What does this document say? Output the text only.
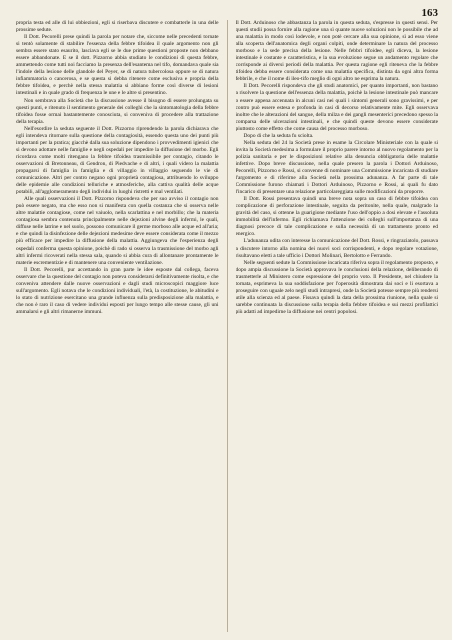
163

propria testa ed alle di lui obbiezioni, egli si riserbava discutere e combatterle in una delle prossime sedute.

Il Dott. Pecorelli prese quindi la parola per notare che, siccome nelle precedenti tornate si tentò solamente di stabilire l'essenza della febbre tifoidea il quale argomento non gli sembra essere stato esaurito, lasciava egli se le due prime questioni proposte non debbano essere abbandonate. E se il dott. Pizzorno abbia studiato le condizioni di questa febbre, ammettendo come tutti noi facciamo la presenza dell'esantema nel tifo, domandava quale sia l'indole della lesione delle glandole del Peyer, se di natura tubercolosa oppure se di natura infiammatoria o cancerosa, e se questa si debba ritenere come esclusiva e propria della febbre tifoidea, e perchè nella stessa malattia si abbiano forme così diverse di lesioni intestinali e in quale grado di frequenza le une e le altre si presentino.

Non sembrava alla Società che la discussione avesse il bisogno di essere prolungata su questi punti, e ritenuto il sentimento generale dei colleghi che la sintomatologia della febbre tifoidea fosse ormai bastantemente conosciuta, si conveniva di procedere alla trattazione della terapia.

Nell'esordire la seduta seguente il Dott. Pizzorno riprendendo la parola dichiarava che egli intendeva ritornare sulla questione della contagiosità, essendo questa uno dei punti più importanti per la pratica; giacchè dalla sua soluzione dipendono i provvedimenti igienici che si devono adottare nelle famiglie e negli ospedali per impedire la diffusione del morbo. Egli ricordava come molti ritengano la febbre tifoidea trasmissibile per contagio, citando le osservazioni di Bretonneau, di Gendron, di Piedvache e di altri, i quali videro la malattia propagarsi di famiglia in famiglia e di villaggio in villaggio seguendo le vie di comunicazione. Altri per contro negano ogni proprietà contagiosa, attribuendo lo sviluppo delle epidemie alle condizioni telluriche e atmosferiche, alla cattiva qualità delle acque potabili, all'agglomeramento degli individui in luoghi ristretti e mal ventilati.

Alle quali osservazioni il Dott. Pizzorno rispondeva che per suo avviso il contagio non può essere negato, ma che esso non si manifesta con quella costanza che si osserva nelle altre malattie contagiose, come nel vaiuolo, nella scarlattina e nel morbillo; che la materia contagiosa sembra contenuta principalmente nelle dejezioni alvine degli infermi, le quali, diffuse nelle latrine e nel suolo, possono comunicare il germe morboso alle acque ed all'aria; e che quindi la disinfezione delle dejezioni medesime deve essere considerata come il mezzo più efficace per impedire la diffusione della malattia. Aggiungeva che l'esperienza degli ospedali conferma questa opinione, poichè di rado si osserva la trasmissione del morbo agli altri infermi ricoverati nella stessa sala, quando si abbia cura di allontanare prontamente le materie escrementizie e di mantenere una conveniente ventilazione.

Il Dott. Pecorelli, pur accettando in gran parte le idee esposte dal collega, faceva osservare che la questione del contagio non poteva considerarsi definitivamente risolta, e che conveniva attendere dalle nuove osservazioni e dagli studi microscopici maggiore luce sull'argomento. Egli notava che le condizioni individuali, l'età, la costituzione, le abitudini e lo stato di nutrizione esercitano una grande influenza sulla predisposizione alla malattia, e che non è raro il caso di vedere individui esposti per lungo tempo alle stesse cause, gli uni ammalarsi e gli altri rimanerne immuni.

Il Dott. Arduinoso che abbastanza la parola in questa seduta, s'espresse in questi sensi. Per questi studii possa fornire alla ragione una sì quante nuove soluzioni non le possibile che ad una malattia in modo così lodevole, e non potè cercare alla sua opinione, sì ad esso viene alla scoperta dell'anatomica degli organi colpiti, onde determinare la natura del processo morboso e la sede precisa della lesione. Nelle febbri tifoidee, egli diceva, la lesione intestinale è costante e caratteristica, e la sua evoluzione segue un andamento regolare che corrisponde ai diversi periodi della malattia. Per questa ragione egli riteneva che la febbre tifoidea debba essere considerata come una malattia specifica, distinta da ogni altra forma febbrile, e che il nome di ileo-tifo meglio di ogni altro ne esprima la natura.

Il Dott. Pecorelli rispondeva che gli studi anatomici, per quanto importanti, non bastano a risolvere la questione dell'essenza della malattia, poichè la lesione intestinale può mancare o essere appena accennata in alcuni casi nei quali i sintomi generali sono gravissimi, e per contro può essere estesa e profonda in casi di decorso relativamente mite. Egli osservava inoltre che le alterazioni del sangue, della milza e dei gangli mesenterici precedono spesso la comparsa delle ulcerazioni intestinali, e che quindi queste devono essere considerate piuttosto come effetto che come causa del processo morboso.

Dopo di che la seduta fu sciolta.

Nella seduta del 24 la Società prese in esame la Circolare Ministeriale con la quale si invita la Società medesima a formulare il proprio parere intorno al nuovo regolamento per la polizia sanitaria e per le disposizioni relative alla denuncia obbligatoria delle malattie infettive. Dopo breve discussione, nella quale presero la parola i Dottori Arduinoso, Pecorelli, Pizzorno e Rossi, si convenne di nominare una Commissione incaricata di studiare l'argomento e di riferirne alla Società nella prossima adunanza. A far parte di tale Commissione furono chiamati i Dottori Arduinoso, Pizzorno e Rossi, ai quali fu dato l'incarico di presentare una relazione particolareggiata sulle modificazioni da proporre.

Il Dott. Rossi presentava quindi una breve nota sopra un caso di febbre tifoidea con complicazione di perforazione intestinale, seguita da peritonite, nella quale, malgrado la gravità del caso, si ottenne la guarigione mediante l'uso dell'oppio a dosi elevate e l'assoluta immobilità dell'infermo. Egli richiamava l'attenzione dei colleghi sull'importanza di una diagnosi precoce di tale complicazione e sulla necessità di un trattamento pronto ed energico.

L'adunanza udita con interesse la comunicazione del Dott. Rossi, e ringraziatolo, passava a discutere intorno alla nomina dei nuovi soci corrispondenti, e dopo regolare votazione, risultavano eletti a tale ufficio i Dottori Molinari, Bertolotto e Ferrando.

Nelle seguenti sedute la Commissione incaricata riferiva sopra il regolamento proposto, e dopo ampia discussione la Società approvava le conclusioni della relazione, deliberando di trasmetterle al Ministero come espressione del proprio voto. Il Presidente, nel chiudere la tornata, esprimeva la sua soddisfazione per l'operosità dimostrata dai soci e li esortava a proseguire con uguale zelo negli studi intrapresi, onde la Società potesse sempre più rendersi utile alla scienza ed al paese. Fissava quindi la data della prossima riunione, nella quale si sarebbe continuata la discussione sulla terapia della febbre tifoidea e sui mezzi profilattici più adatti ad impedirne la diffusione nei centri popolosi.
